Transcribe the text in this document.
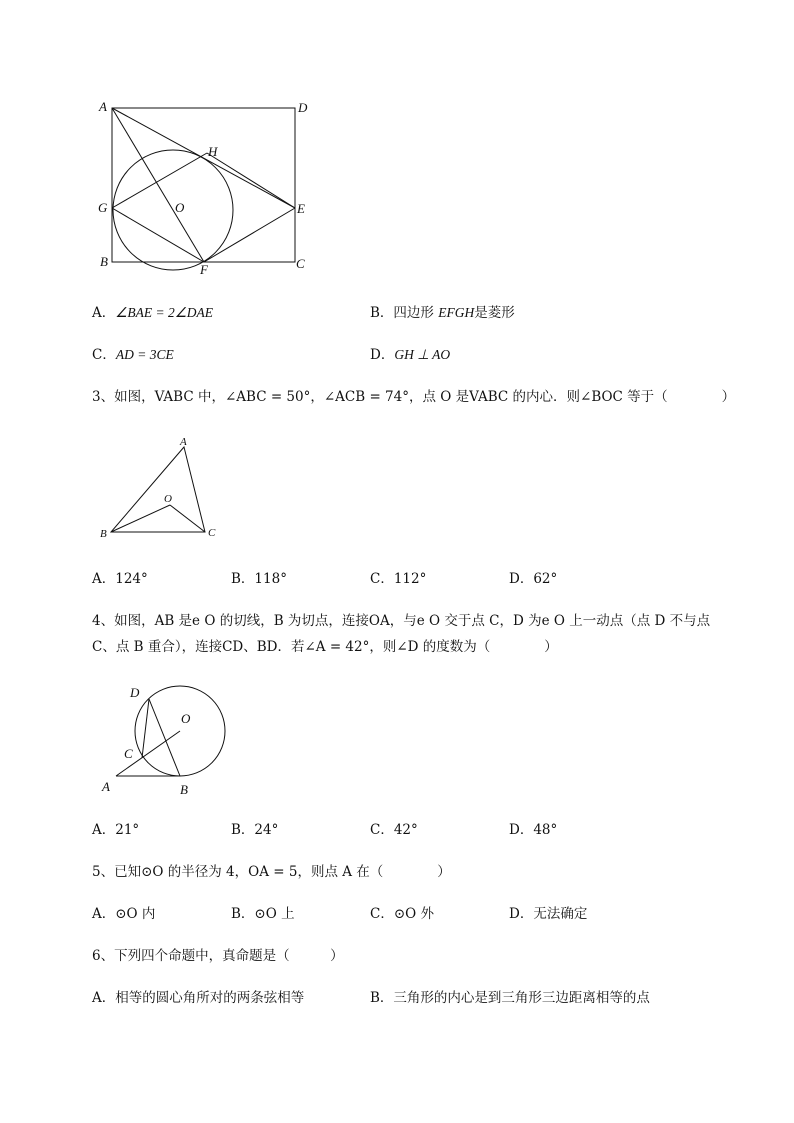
A	D
H
G	O	E
B
F	C
A．∠BAE = 2∠DAE	B．四边形 EFGH是菱形
C．AD = 3CE	D．GH ⊥ AO
3、如图，VABC 中，∠ABC = 50°，∠ACB = 74°，点 O 是VABC 的内心．则∠BOC 等于（　　　　）
A
O
B	C
A．124°	B．118°	C．112°	D．62°
4、如图，AB 是e O 的切线，B 为切点，连接OA，与e O 交于点 C，D 为e O 上一动点（点 D 不与点
C、点 B 重合），连接CD、BD．若∠A = 42°，则∠D 的度数为（　　　　）
D
O
C
A	B
A．21°	B．24°	C．42°	D．48°
5、已知⊙O 的半径为 4，OA = 5，则点 A 在（　　　　）
A．⊙O 内	B．⊙O 上	C．⊙O 外	D．无法确定
6、下列四个命题中，真命题是（　　　）
A．相等的圆心角所对的两条弦相等	B．三角形的内心是到三角形三边距离相等的点
